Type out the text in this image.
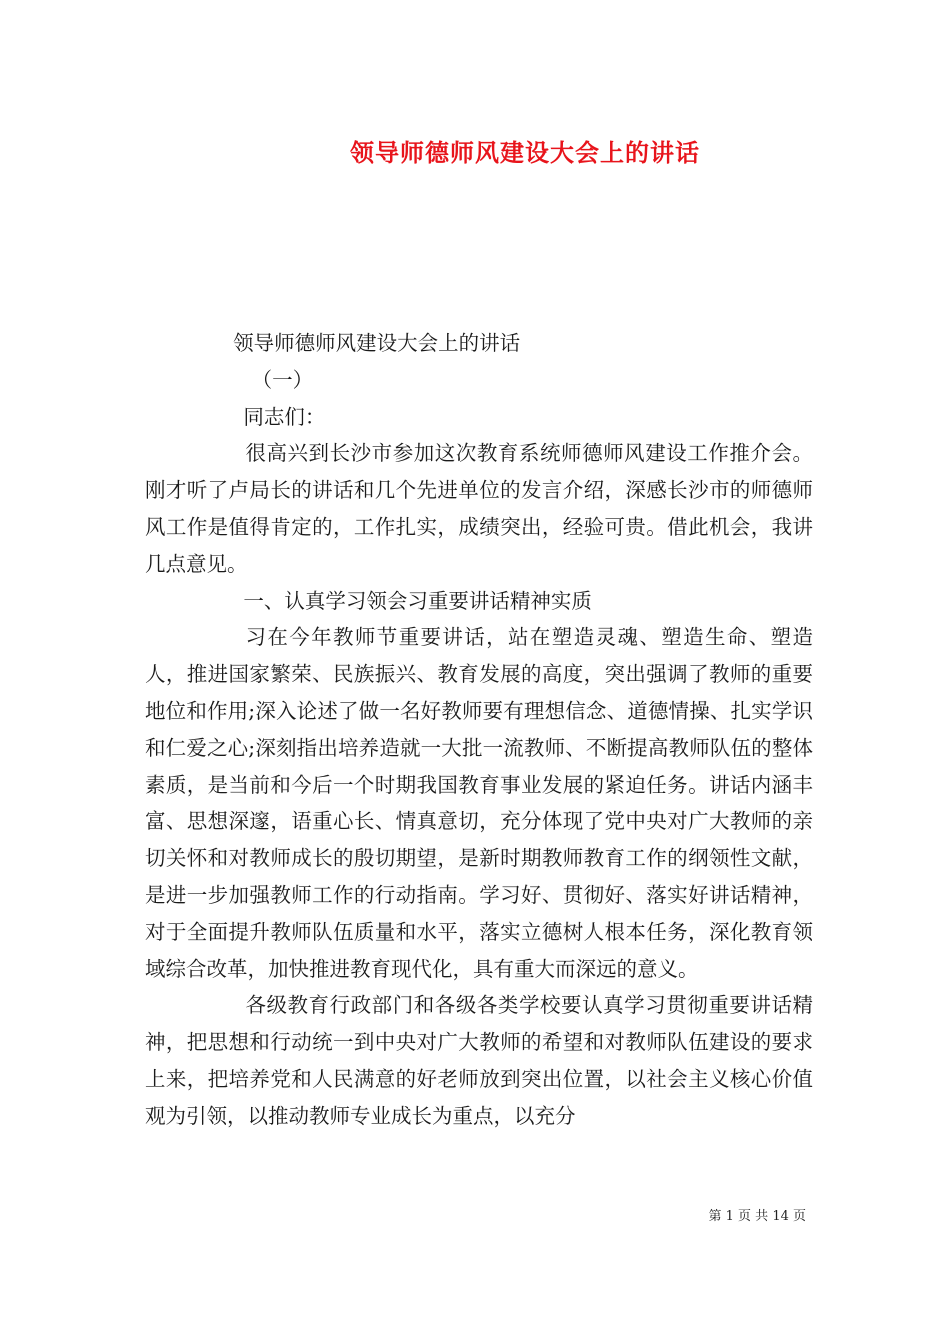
领导师德师风建设大会上的讲话

领导师德师风建设大会上的讲话

（一）

同志们：

很高兴到长沙市参加这次教育系统师德师风建设工作推介会。刚才听了卢局长的讲话和几个先进单位的发言介绍，深感长沙市的师德师风工作是值得肯定的，工作扎实，成绩突出，经验可贵。借此机会，我讲几点意见。

一、认真学习领会习重要讲话精神实质

习在今年教师节重要讲话，站在塑造灵魂、塑造生命、塑造人，推进国家繁荣、民族振兴、教育发展的高度，突出强调了教师的重要地位和作用;深入论述了做一名好教师要有理想信念、道德情操、扎实学识和仁爱之心;深刻指出培养造就一大批一流教师、不断提高教师队伍的整体素质，是当前和今后一个时期我国教育事业发展的紧迫任务。讲话内涵丰富、思想深邃，语重心长、情真意切，充分体现了党中央对广大教师的亲切关怀和对教师成长的殷切期望，是新时期教师教育工作的纲领性文献，是进一步加强教师工作的行动指南。学习好、贯彻好、落实好讲话精神，对于全面提升教师队伍质量和水平，落实立德树人根本任务，深化教育领域综合改革，加快推进教育现代化，具有重大而深远的意义。

各级教育行政部门和各级各类学校要认真学习贯彻重要讲话精神，把思想和行动统一到中央对广大教师的希望和对教师队伍建设的要求上来，把培养党和人民满意的好老师放到突出位置，以社会主义核心价值观为引领，以推动教师专业成长为重点，以充分

第 1 页 共 14 页
